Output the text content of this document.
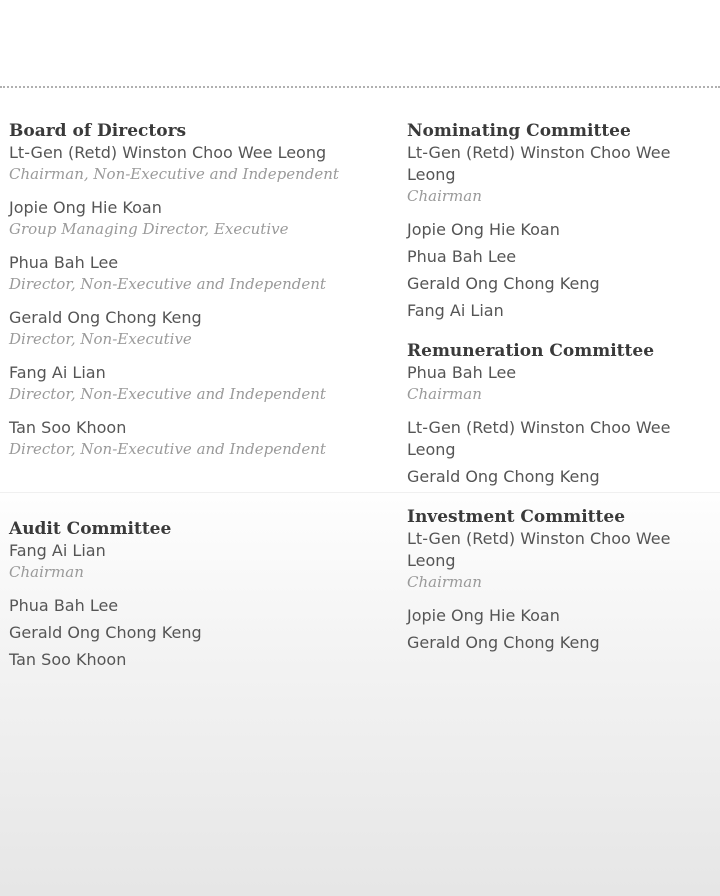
Board of Directors
Lt-Gen (Retd) Winston Choo Wee Leong
Chairman, Non-Executive and Independent
Jopie Ong Hie Koan
Group Managing Director, Executive
Phua Bah Lee
Director, Non-Executive and Independent
Gerald Ong Chong Keng
Director, Non-Executive
Fang Ai Lian
Director, Non-Executive and Independent
Tan Soo Khoon
Director, Non-Executive and Independent
Nominating Committee
Lt-Gen (Retd) Winston Choo Wee Leong
Chairman
Jopie Ong Hie Koan
Phua Bah Lee
Gerald Ong Chong Keng
Fang Ai Lian
Remuneration Committee
Phua Bah Lee
Chairman
Lt-Gen (Retd) Winston Choo Wee Leong
Gerald Ong Chong Keng
Audit Committee
Fang Ai Lian
Chairman
Phua Bah Lee
Gerald Ong Chong Keng
Tan Soo Khoon
Investment Committee
Lt-Gen (Retd) Winston Choo Wee Leong
Chairman
Jopie Ong Hie Koan
Gerald Ong Chong Keng
